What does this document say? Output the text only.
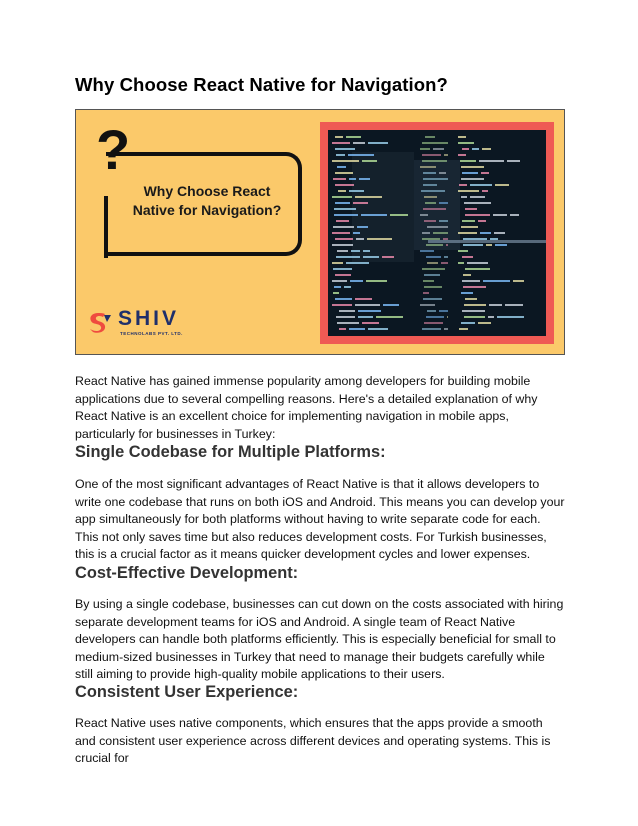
Why Choose React Native for Navigation?
?
Why Choose React
Native for Navigation?
SHIV
TECHNOLABS PVT. LTD.

React Native has gained immense popularity among developers for building mobile applications due to several compelling reasons. Here's a detailed explanation of why React Native is an excellent choice for implementing navigation in mobile apps, particularly for businesses in Turkey:

Single Codebase for Multiple Platforms:

One of the most significant advantages of React Native is that it allows developers to write one codebase that runs on both iOS and Android. This means you can develop your app simultaneously for both platforms without having to write separate code for each. This not only saves time but also reduces development costs. For Turkish businesses, this is a crucial factor as it means quicker development cycles and lower expenses.

Cost-Effective Development:

By using a single codebase, businesses can cut down on the costs associated with hiring separate development teams for iOS and Android. A single team of React Native developers can handle both platforms efficiently. This is especially beneficial for small to medium-sized businesses in Turkey that need to manage their budgets carefully while still aiming to provide high-quality mobile applications to their users.

Consistent User Experience:

React Native uses native components, which ensures that the apps provide a smooth and consistent user experience across different devices and operating systems. This is crucial for
